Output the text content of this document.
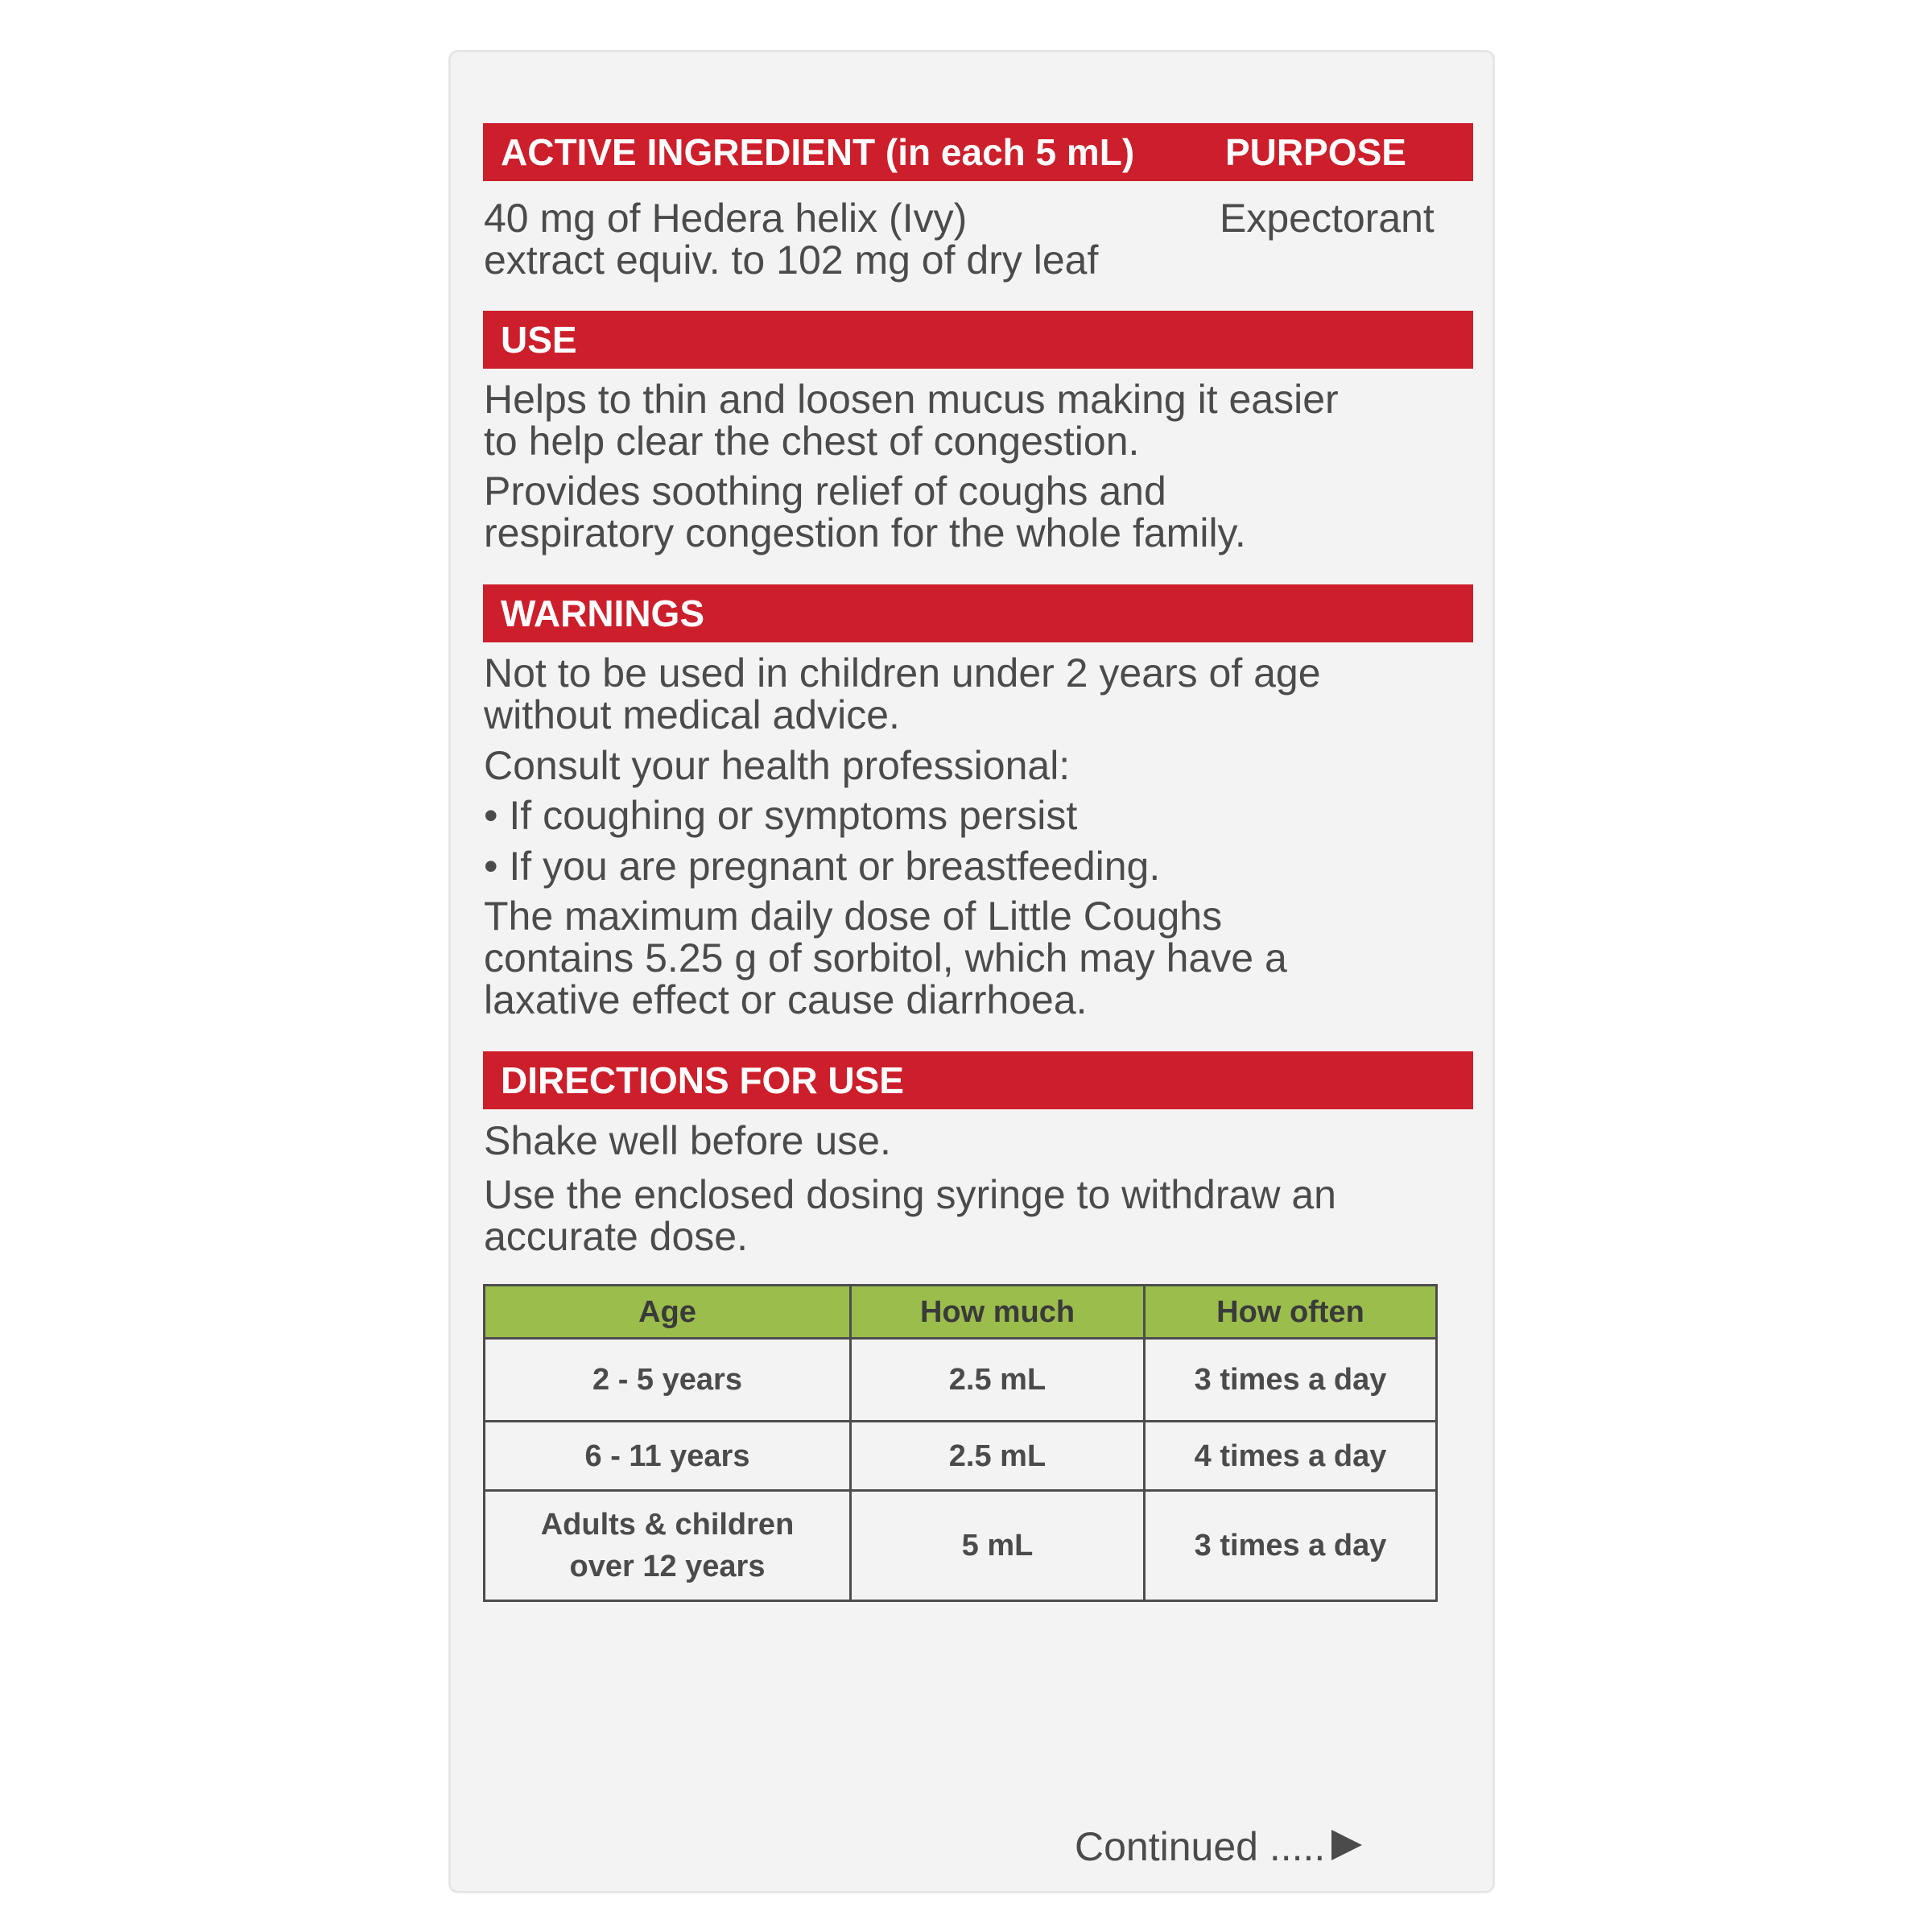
ACTIVE INGREDIENT (in each 5 mL) PURPOSE
40 mg of Hedera helix (Ivy)
extract equiv. to 102 mg of dry leaf
Expectorant
USE
Helps to thin and loosen mucus making it easier
to help clear the chest of congestion.
Provides soothing relief of coughs and
respiratory congestion for the whole family.
WARNINGS
Not to be used in children under 2 years of age
without medical advice.
Consult your health professional:
• If coughing or symptoms persist
• If you are pregnant or breastfeeding.
The maximum daily dose of Little Coughs
contains 5.25 g of sorbitol, which may have a
laxative effect or cause diarrhoea.
DIRECTIONS FOR USE
Shake well before use.
Use the enclosed dosing syringe to withdraw an
accurate dose.
Age	How much	How often
2 - 5 years	2.5 mL	3 times a day
6 - 11 years	2.5 mL	4 times a day

Adults & children
over 12 years	5 mL	3 times a day
Continued .....
